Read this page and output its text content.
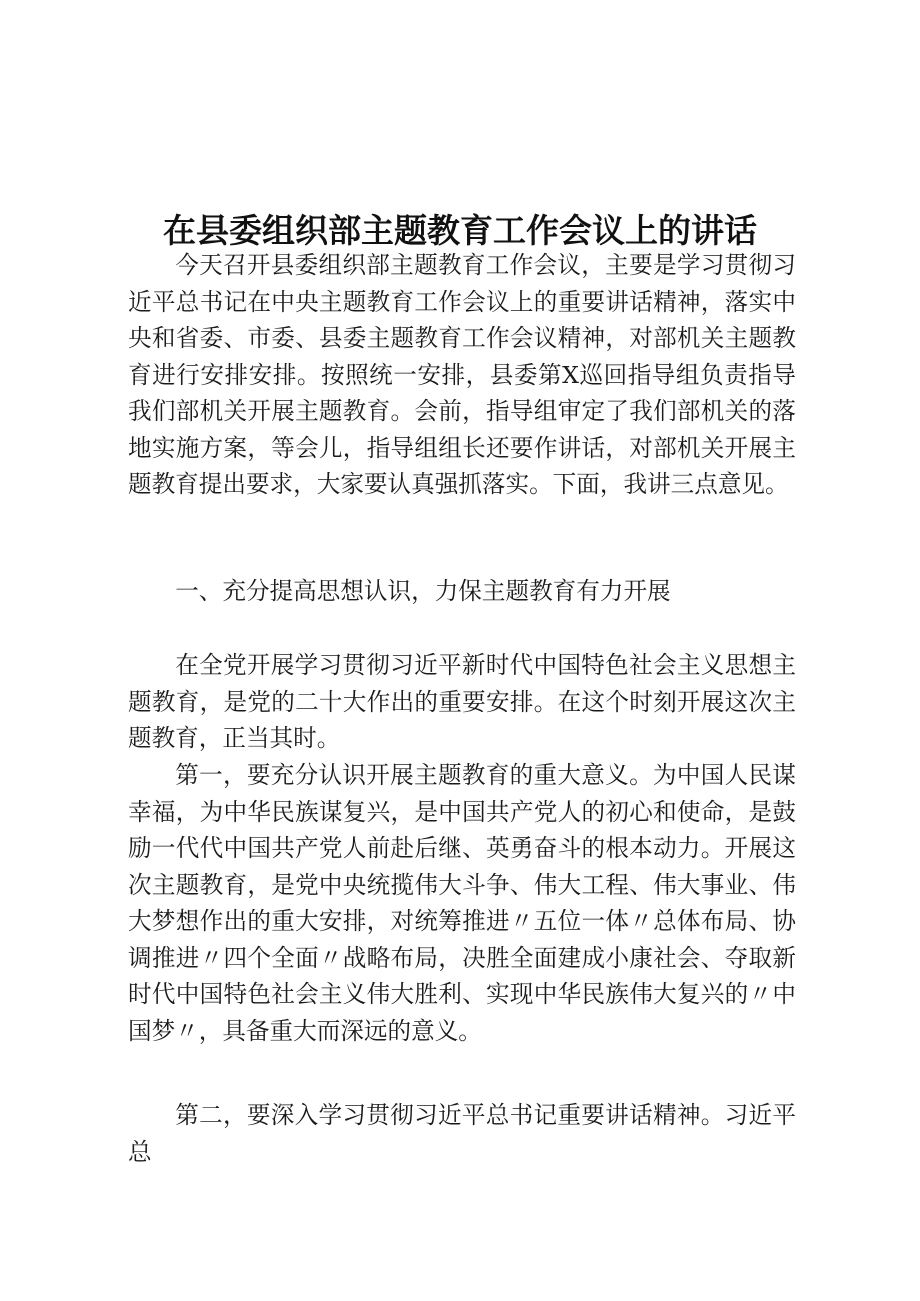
在县委组织部主题教育工作会议上的讲话

今天召开县委组织部主题教育工作会议，主要是学习贯彻习近平总书记在中央主题教育工作会议上的重要讲话精神，落实中央和省委、市委、县委主题教育工作会议精神，对部机关主题教育进行安排安排。按照统一安排，县委第X巡回指导组负责指导我们部机关开展主题教育。会前，指导组审定了我们部机关的落地实施方案，等会儿，指导组组长还要作讲话，对部机关开展主题教育提出要求，大家要认真强抓落实。下面，我讲三点意见。

一、充分提高思想认识，力保主题教育有力开展

在全党开展学习贯彻习近平新时代中国特色社会主义思想主题教育，是党的二十大作出的重要安排。在这个时刻开展这次主题教育，正当其时。

第一，要充分认识开展主题教育的重大意义。为中国人民谋幸福，为中华民族谋复兴，是中国共产党人的初心和使命，是鼓励一代代中国共产党人前赴后继、英勇奋斗的根本动力。开展这次主题教育，是党中央统揽伟大斗争、伟大工程、伟大事业、伟大梦想作出的重大安排，对统筹推进〃五位一体〃总体布局、协调推进〃四个全面〃战略布局，决胜全面建成小康社会、夺取新时代中国特色社会主义伟大胜利、实现中华民族伟大复兴的〃中国梦〃，具备重大而深远的意义。

第二，要深入学习贯彻习近平总书记重要讲话精神。习近平总
